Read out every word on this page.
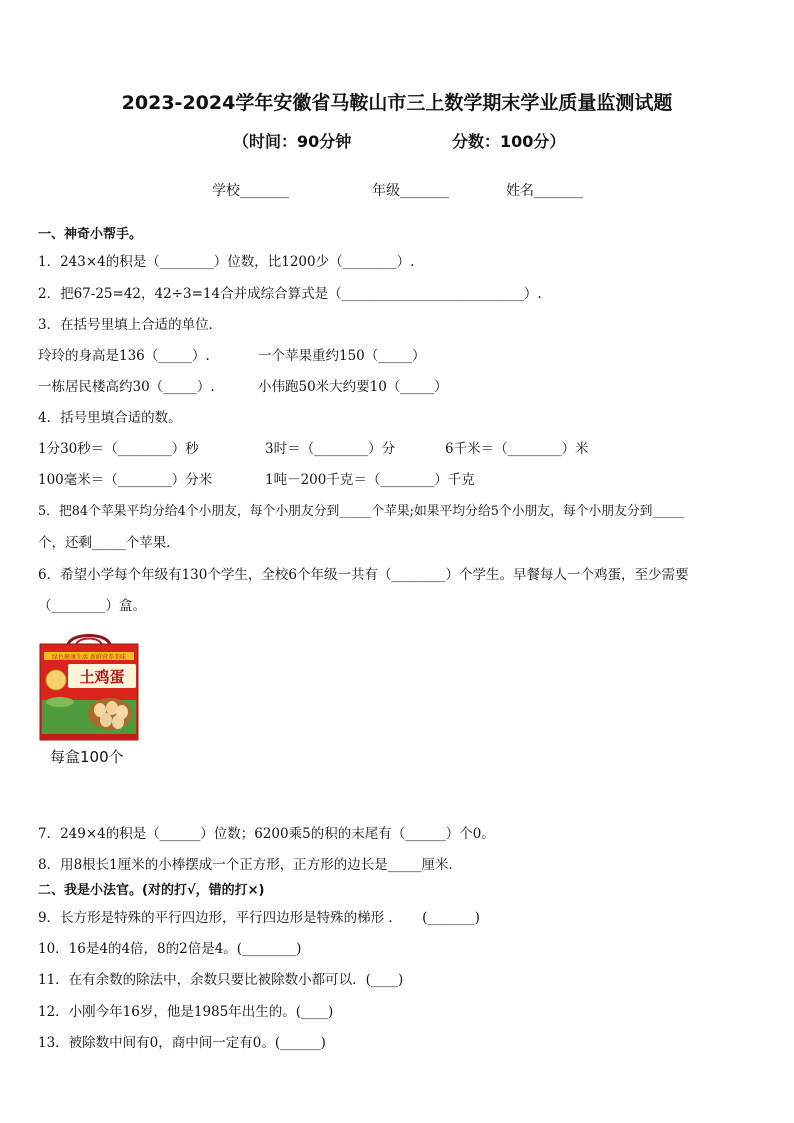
2023-2024学年安徽省马鞍山市三上数学期末学业质量监测试题
（时间：90分钟	分数：100分）
学校_______	年级_______	姓名_______
一、神奇小帮手。
1．243×4的积是（________）位数，比1200少（________）.
2．把67-25=42，42÷3=14合并成综合算式是（___________________________）.
3．在括号里填上合适的单位．
玲玲的身高是136（_____）.	一个苹果重约150（_____）
一栋居民楼高约30（_____）.	小伟跑50米大约要10（_____）
4．括号里填合适的数。
1分30秒＝（________）秒	3时＝（________）分	6千米＝（________）米
100毫米＝（________）分米	1吨－200千克＝（________）千克
5．把84个苹果平均分给4个小朋友，每个小朋友分到_____个苹果;如果平均分给5个小朋友，每个小朋友分到_____
个，还剩_____个苹果．
6．希望小学每个年级有130个学生，全校6个年级一共有（________）个学生。早餐每人一个鸡蛋，至少需要
（________）盒。
绿色健康生活 新鲜营养美味
土鸡蛋
每盒100个
7．249×4的积是（______）位数；6200乘5的积的末尾有（______）个0。
8．用8根长1厘米的小棒摆成一个正方形，正方形的边长是_____厘米．
二、我是小法官。(对的打√，错的打×)
9．长方形是特殊的平行四边形，平行四边形是特殊的梯形 ．　　(_______)
10．16是4的4倍，8的2倍是4。(________)
11．在有余数的除法中，余数只要比被除数小都可以．(____)
12．小刚今年16岁，他是1985年出生的。(____)
13．被除数中间有0，商中间一定有0。(______)
